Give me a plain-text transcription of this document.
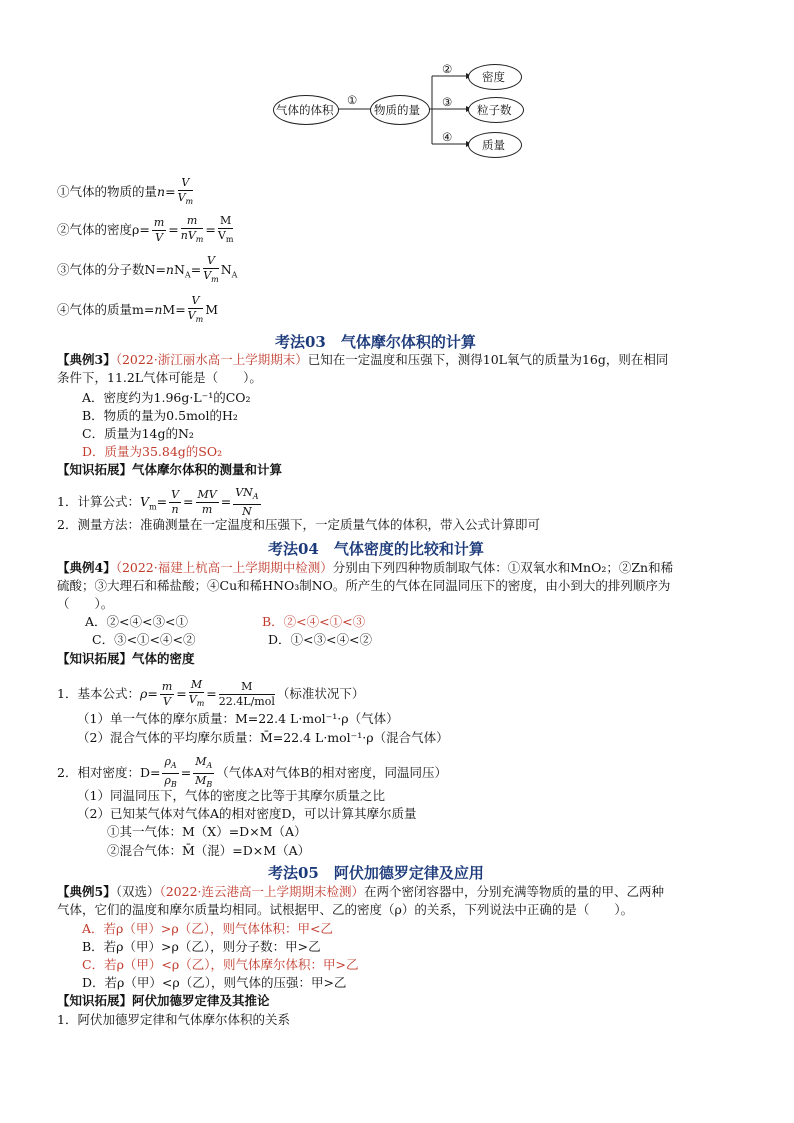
气体的体积	物质的量
密度
粒子数
质量
①
②
③
④
①气体的物质的量$n= \frac{V}{V_m}$
②气体的密度$\rho= \frac{m}{V} = \frac{m}{nV_m} = \frac{M}{V_m}$
③气体的分子数$N=nN_A= \frac{V}{V_m} N_A$
④气体的质量$m=nM= \frac{V}{V_m}$ M
考法03　气体摩尔体积的计算
【典例3】（2022·浙江丽水高一上学期期末）已知在一定温度和压强下，测得10L氧气的质量为16g，则在相同
条件下，11.2L气体可能是（　　）。
A．密度约为1.96g·L⁻¹的CO₂
B．物质的量为0.5mol的H₂
C．质量为14g的N₂
D．质量为35.84g的SO₂
【知识拓展】气体摩尔体积的测量和计算
1．计算公式：$V_m= \frac{V}{n} = \frac{MV}{m} = \frac{VN_A}{N}$
2．测量方法：准确测量在一定温度和压强下，一定质量气体的体积，带入公式计算即可
考法04　气体密度的比较和计算
【典例4】（2022·福建上杭高一上学期期中检测）分别由下列四种物质制取气体：①双氧水和MnO₂；②Zn和稀
硫酸；③大理石和稀盐酸；④Cu和稀HNO₃制NO。所产生的气体在同温同压下的密度，由小到大的排列顺序为
（　　）。
A．②<④<③<①	B．②<④<①<③
C．③<①<④<②	D．①<③<④<②
【知识拓展】气体的密度
1．基本公式：$\rho= \frac{m}{V} = \frac{M}{V_m} = \frac{M}{\text{22.4L/mol}}$ （标准状况下）
（1）单一气体的摩尔质量：M=22.4 L·mol⁻¹·ρ（气体）
（2）混合气体的平均摩尔质量：M̄=22.4 L·mol⁻¹·ρ（混合气体）
2．相对密度：$D= \frac{\rho_A}{\rho_B} = \frac{M_A}{M_B}$ （气体A对气体B的相对密度，同温同压）
（1）同温同压下，气体的密度之比等于其摩尔质量之比
（2）已知某气体对气体A的相对密度D，可以计算其摩尔质量
①其一气体：M（X）=D×M（A）
②混合气体：M̄（混）=D×M（A）
考法05　阿伏加德罗定律及应用
【典例5】（双选）（2022·连云港高一上学期期末检测）在两个密闭容器中，分别充满等物质的量的甲、乙两种
气体，它们的温度和摩尔质量均相同。试根据甲、乙的密度（ρ）的关系，下列说法中正确的是（　　）。
A．若ρ（甲）>ρ（乙），则气体体积：甲<乙
B．若ρ（甲）>ρ（乙），则分子数：甲>乙
C．若ρ（甲）<ρ（乙），则气体摩尔体积：甲>乙
D．若ρ（甲）<ρ（乙），则气体的压强：甲>乙
【知识拓展】阿伏加德罗定律及其推论
1．阿伏加德罗定律和气体摩尔体积的关系
